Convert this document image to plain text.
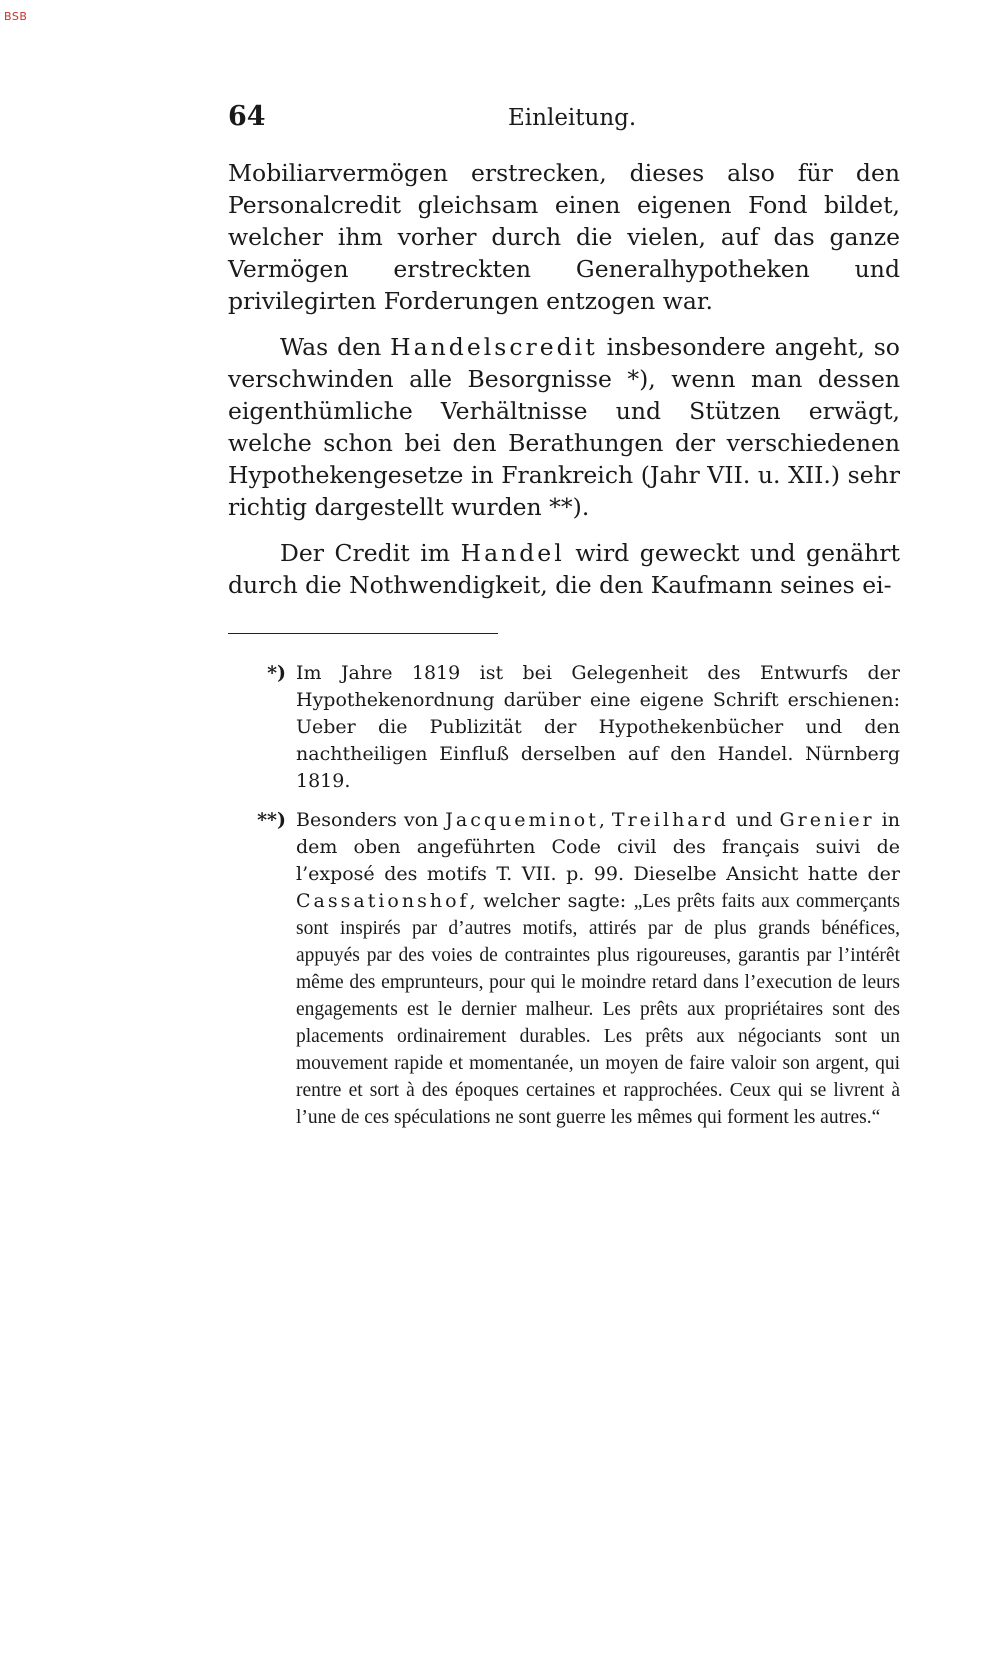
BSB
64	Einleitung.

Mobiliarvermögen erstrecken, dieses also für den Personalcredit gleichsam einen eigenen Fond bildet, welcher ihm vorher durch die vielen, auf das ganze Vermögen erstreckten Generalhypotheken und privilegirten Forderungen entzogen war.

Was den Handelscredit insbesondere angeht, so verschwinden alle Besorgnisse *), wenn man dessen eigenthümliche Verhältnisse und Stützen erwägt, welche schon bei den Berathungen der verschiedenen Hypothekengesetze in Frankreich (Jahr VII. u. XII.) sehr richtig dargestellt wurden **).

Der Credit im Handel wird geweckt und genährt durch die Nothwendigkeit, die den Kaufmann seines ei-

*) Im Jahre 1819 ist bei Gelegenheit des Entwurfs der Hypothekenordnung darüber eine eigene Schrift erschienen: Ueber die Publizität der Hypothekenbücher und den nachtheiligen Einfluß derselben auf den Handel. Nürnberg 1819.
**) Besonders von Jacqueminot, Treilhard und Grenier in dem oben angeführten Code civil des français suivi de l’exposé des motifs T. VII. p. 99. Dieselbe Ansicht hatte der Cassationshof, welcher sagte: „Les prêts faits aux commerçants sont inspirés par d’autres motifs, attirés par de plus grands bénéfices, appuyés par des voies de contraintes plus rigoureuses, garantis par l’intérêt même des emprunteurs, pour qui le moindre retard dans l’execution de leurs engagements est le dernier malheur. Les prêts aux propriétaires sont des placements ordinairement durables. Les prêts aux négociants sont un mouvement rapide et momentanée, un moyen de faire valoir son argent, qui rentre et sort à des époques certaines et rapprochées. Ceux qui se livrent à l’une de ces spéculations ne sont guerre les mêmes qui forment les autres.“
